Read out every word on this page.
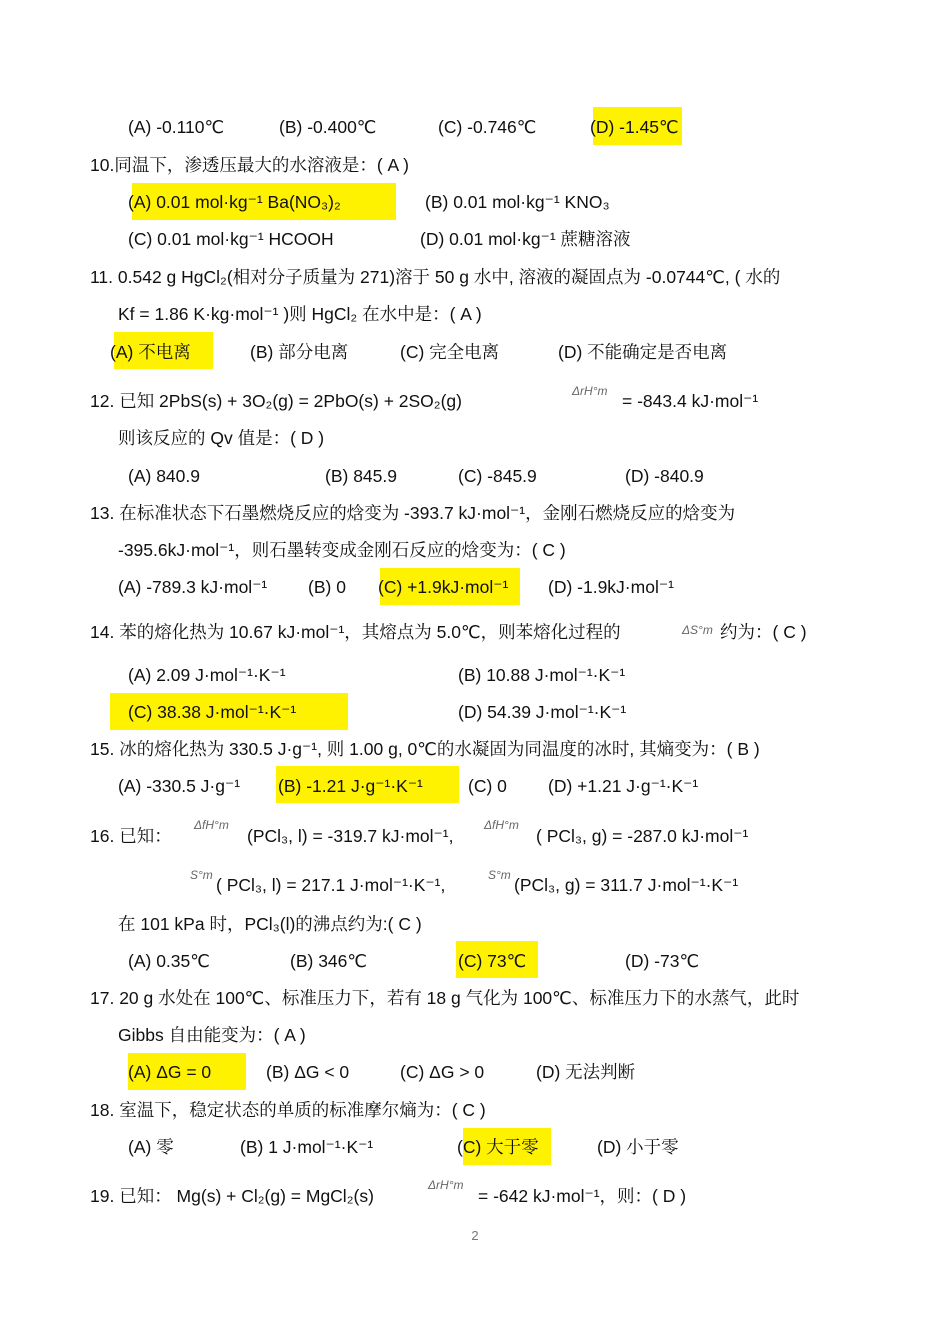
(A) -0.110℃	(B) -0.400℃	(C) -0.746℃	(D) -1.45℃
10.同温下，渗透压最大的水溶液是：( A )
(A) 0.01 mol·kg⁻¹ Ba(NO₃)₂	(B) 0.01 mol·kg⁻¹ KNO₃
(C) 0.01 mol·kg⁻¹ HCOOH	(D) 0.01 mol·kg⁻¹ 蔗糖溶液
11. 0.542 g HgCl₂(相对分子质量为 271)溶于 50 g 水中, 溶液的凝固点为 -0.0744℃, ( 水的
Kf = 1.86 K·kg·mol⁻¹ )则 HgCl₂ 在水中是：( A )
(A) 不电离	(B) 部分电离	(C) 完全电离	(D) 不能确定是否电离
12. 已知 2PbS(s) + 3O₂(g) = 2PbO(s) + 2SO₂(g)	ΔrH°m = -843.4 kJ·mol⁻¹
则该反应的 Qv 值是：( D )
(A) 840.9	(B) 845.9	(C) -845.9	(D) -840.9
13. 在标准状态下石墨燃烧反应的焓变为 -393.7 kJ·mol⁻¹，金刚石燃烧反应的焓变为
-395.6kJ·mol⁻¹，则石墨转变成金刚石反应的焓变为：( C )
(A) -789.3 kJ·mol⁻¹ (B) 0 (C) +1.9kJ·mol⁻¹ (D) -1.9kJ·mol⁻¹
14. 苯的熔化热为 10.67 kJ·mol⁻¹，其熔点为 5.0℃，则苯熔化过程的	ΔS°m 约为：( C )
(A) 2.09 J·mol⁻¹·K⁻¹	(B) 10.88 J·mol⁻¹·K⁻¹
(C) 38.38 J·mol⁻¹·K⁻¹	(D) 54.39 J·mol⁻¹·K⁻¹
15. 冰的熔化热为 330.5 J·g⁻¹, 则 1.00 g, 0℃的水凝固为同温度的冰时, 其熵变为：( B )
(A) -330.5 J·g⁻¹ (B) -1.21 J·g⁻¹·K⁻¹	(C) 0 (D) +1.21 J·g⁻¹·K⁻¹
16. 已知：
ΔfH°m
(PCl₃, l) = -319.7 kJ·mol⁻¹,
ΔfH°m
( PCl₃, g) = -287.0 kJ·mol⁻¹
S°m ( PCl₃, l) = 217.1 J·mol⁻¹·K⁻¹,	S°m (PCl₃, g) = 311.7 J·mol⁻¹·K⁻¹
在 101 kPa 时，PCl₃(l)的沸点约为:( C )
(A) 0.35℃	(B) 346℃	(C) 73℃	(D) -73℃
17. 20 g 水处在 100℃、标准压力下，若有 18 g 气化为 100℃、标准压力下的水蒸气，此时
Gibbs 自由能变为：( A )
(A) ΔG = 0	(B) ΔG < 0	(C) ΔG > 0	(D) 无法判断
18. 室温下，稳定状态的单质的标准摩尔熵为：( C )
(A) 零	(B) 1 J·mol⁻¹·K⁻¹	(C) 大于零	(D) 小于零
19. 已知： Mg(s) + Cl₂(g) = MgCl₂(s)
ΔrH°m
= -642 kJ·mol⁻¹，则：( D )
2
